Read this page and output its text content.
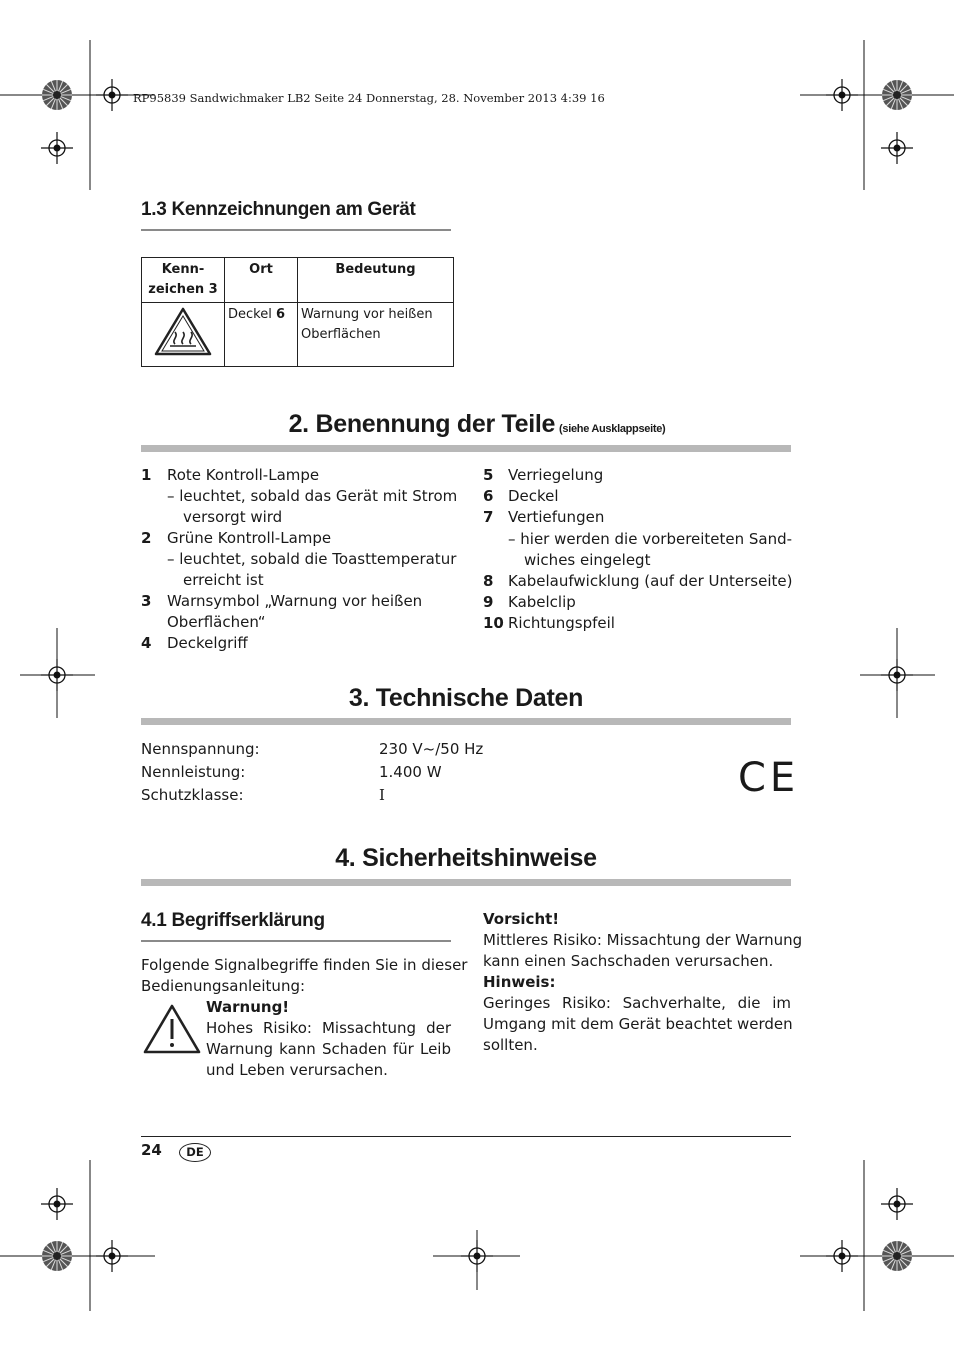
RP95839 Sandwichmaker LB2 Seite 24 Donnerstag, 28. November 2013 4:39 16
1.3 Kennzeichnungen am Gerät
Kenn-
zeichen 3	Ort	Bedeutung
	Deckel 6	Warnung vor heißen
Oberflächen
2. Benennung der Teile (siehe Ausklappseite)
1 Rote Kontroll-Lampe
– leuchtet, sobald das Gerät mit Strom
versorgt wird
2 Grüne Kontroll-Lampe
– leuchtet, sobald die Toasttemperatur
erreicht ist
3 Warnsymbol „Warnung vor heißen
Oberflächen“
4 Deckelgriff
5 Verriegelung
6 Deckel
7 Vertiefungen
– hier werden die vorbereiteten Sand-
wiches eingelegt
8 Kabelaufwicklung (auf der Unterseite)
9 Kabelclip
10 Richtungspfeil
3. Technische Daten
Nennspannung:	230 V~/50 Hz
Nennleistung:	1.400 W
Schutzklasse:	I	CE
4. Sicherheitshinweise
4.1 Begriffserklärung
Folgende Signalbegriffe finden Sie in dieser
Bedienungsanleitung:
Warnung!
Hohes Risiko: Missachtung der
Warnung kann Schaden für Leib
und Leben verursachen.
Vorsicht!
Mittleres Risiko: Missachtung der Warnung
kann einen Sachschaden verursachen.
Hinweis:
Geringes Risiko: Sachverhalte, die im
Umgang mit dem Gerät beachtet werden
sollten.
24	DE
